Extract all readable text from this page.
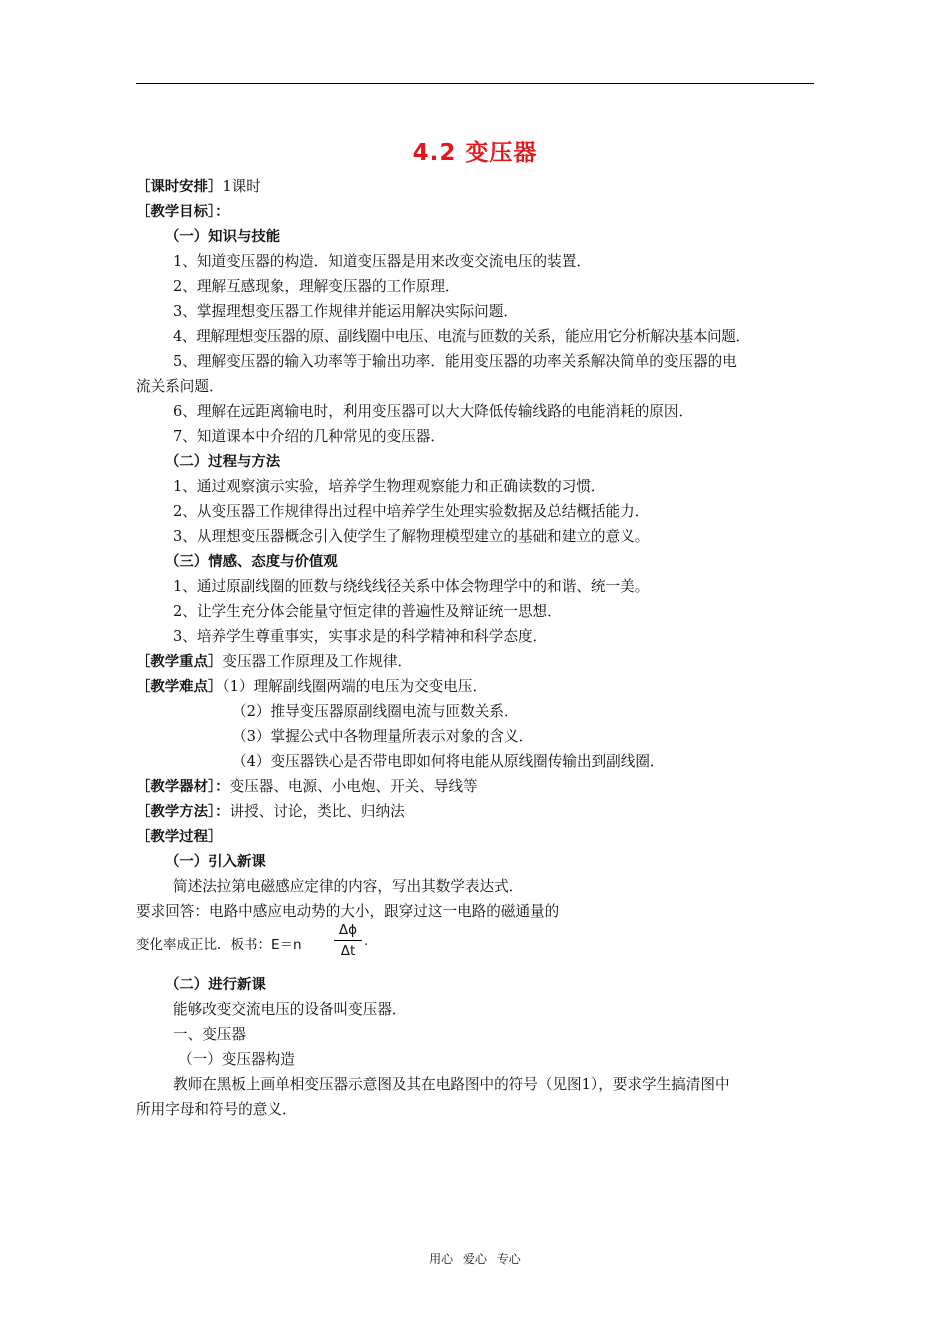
4.2 变压器
［课时安排］1课时
［教学目标］：
（一）知识与技能
1、知道变压器的构造．知道变压器是用来改变交流电压的装置．
2、理解互感现象，理解变压器的工作原理．
3、掌握理想变压器工作规律并能运用解决实际问题．
4、理解理想变压器的原、副线圈中电压、电流与匝数的关系，能应用它分析解决基本问题．
5、理解变压器的输入功率等于输出功率．能用变压器的功率关系解决简单的变压器的电
流关系问题．
6、理解在远距离输电时，利用变压器可以大大降低传输线路的电能消耗的原因．
7、知道课本中介绍的几种常见的变压器．
（二）过程与方法
1、通过观察演示实验，培养学生物理观察能力和正确读数的习惯．
2、从变压器工作规律得出过程中培养学生处理实验数据及总结概括能力．
3、从理想变压器概念引入使学生了解物理模型建立的基础和建立的意义。
（三）情感、态度与价值观
1、通过原副线圈的匝数与绕线线径关系中体会物理学中的和谐、统一美。
2、让学生充分体会能量守恒定律的普遍性及辩证统一思想．
3、培养学生尊重事实，实事求是的科学精神和科学态度．
［教学重点］变压器工作原理及工作规律．
［教学难点］（1）理解副线圈两端的电压为交变电压．
（2）推导变压器原副线圈电流与匝数关系．
（3）掌握公式中各物理量所表示对象的含义．
（4）变压器铁心是否带电即如何将电能从原线圈传输出到副线圈．
［教学器材］：变压器、电源、小电炮、开关、导线等
［教学方法］：讲授、讨论，类比、归纳法
［教学过程］
（一）引入新课
简述法拉第电磁感应定律的内容，写出其数学表达式．
要求回答：电路中感应电动势的大小，跟穿过这一电路的磁通量的
变化率成正比．板书：E＝n
Δϕ
Δt
.
（二）进行新课
能够改变交流电压的设备叫变压器．
一、变压器
（一）变压器构造
教师在黑板上画单相变压器示意图及其在电路图中的符号（见图1），要求学生搞清图中
所用字母和符号的意义．
用心 爱心 专心
